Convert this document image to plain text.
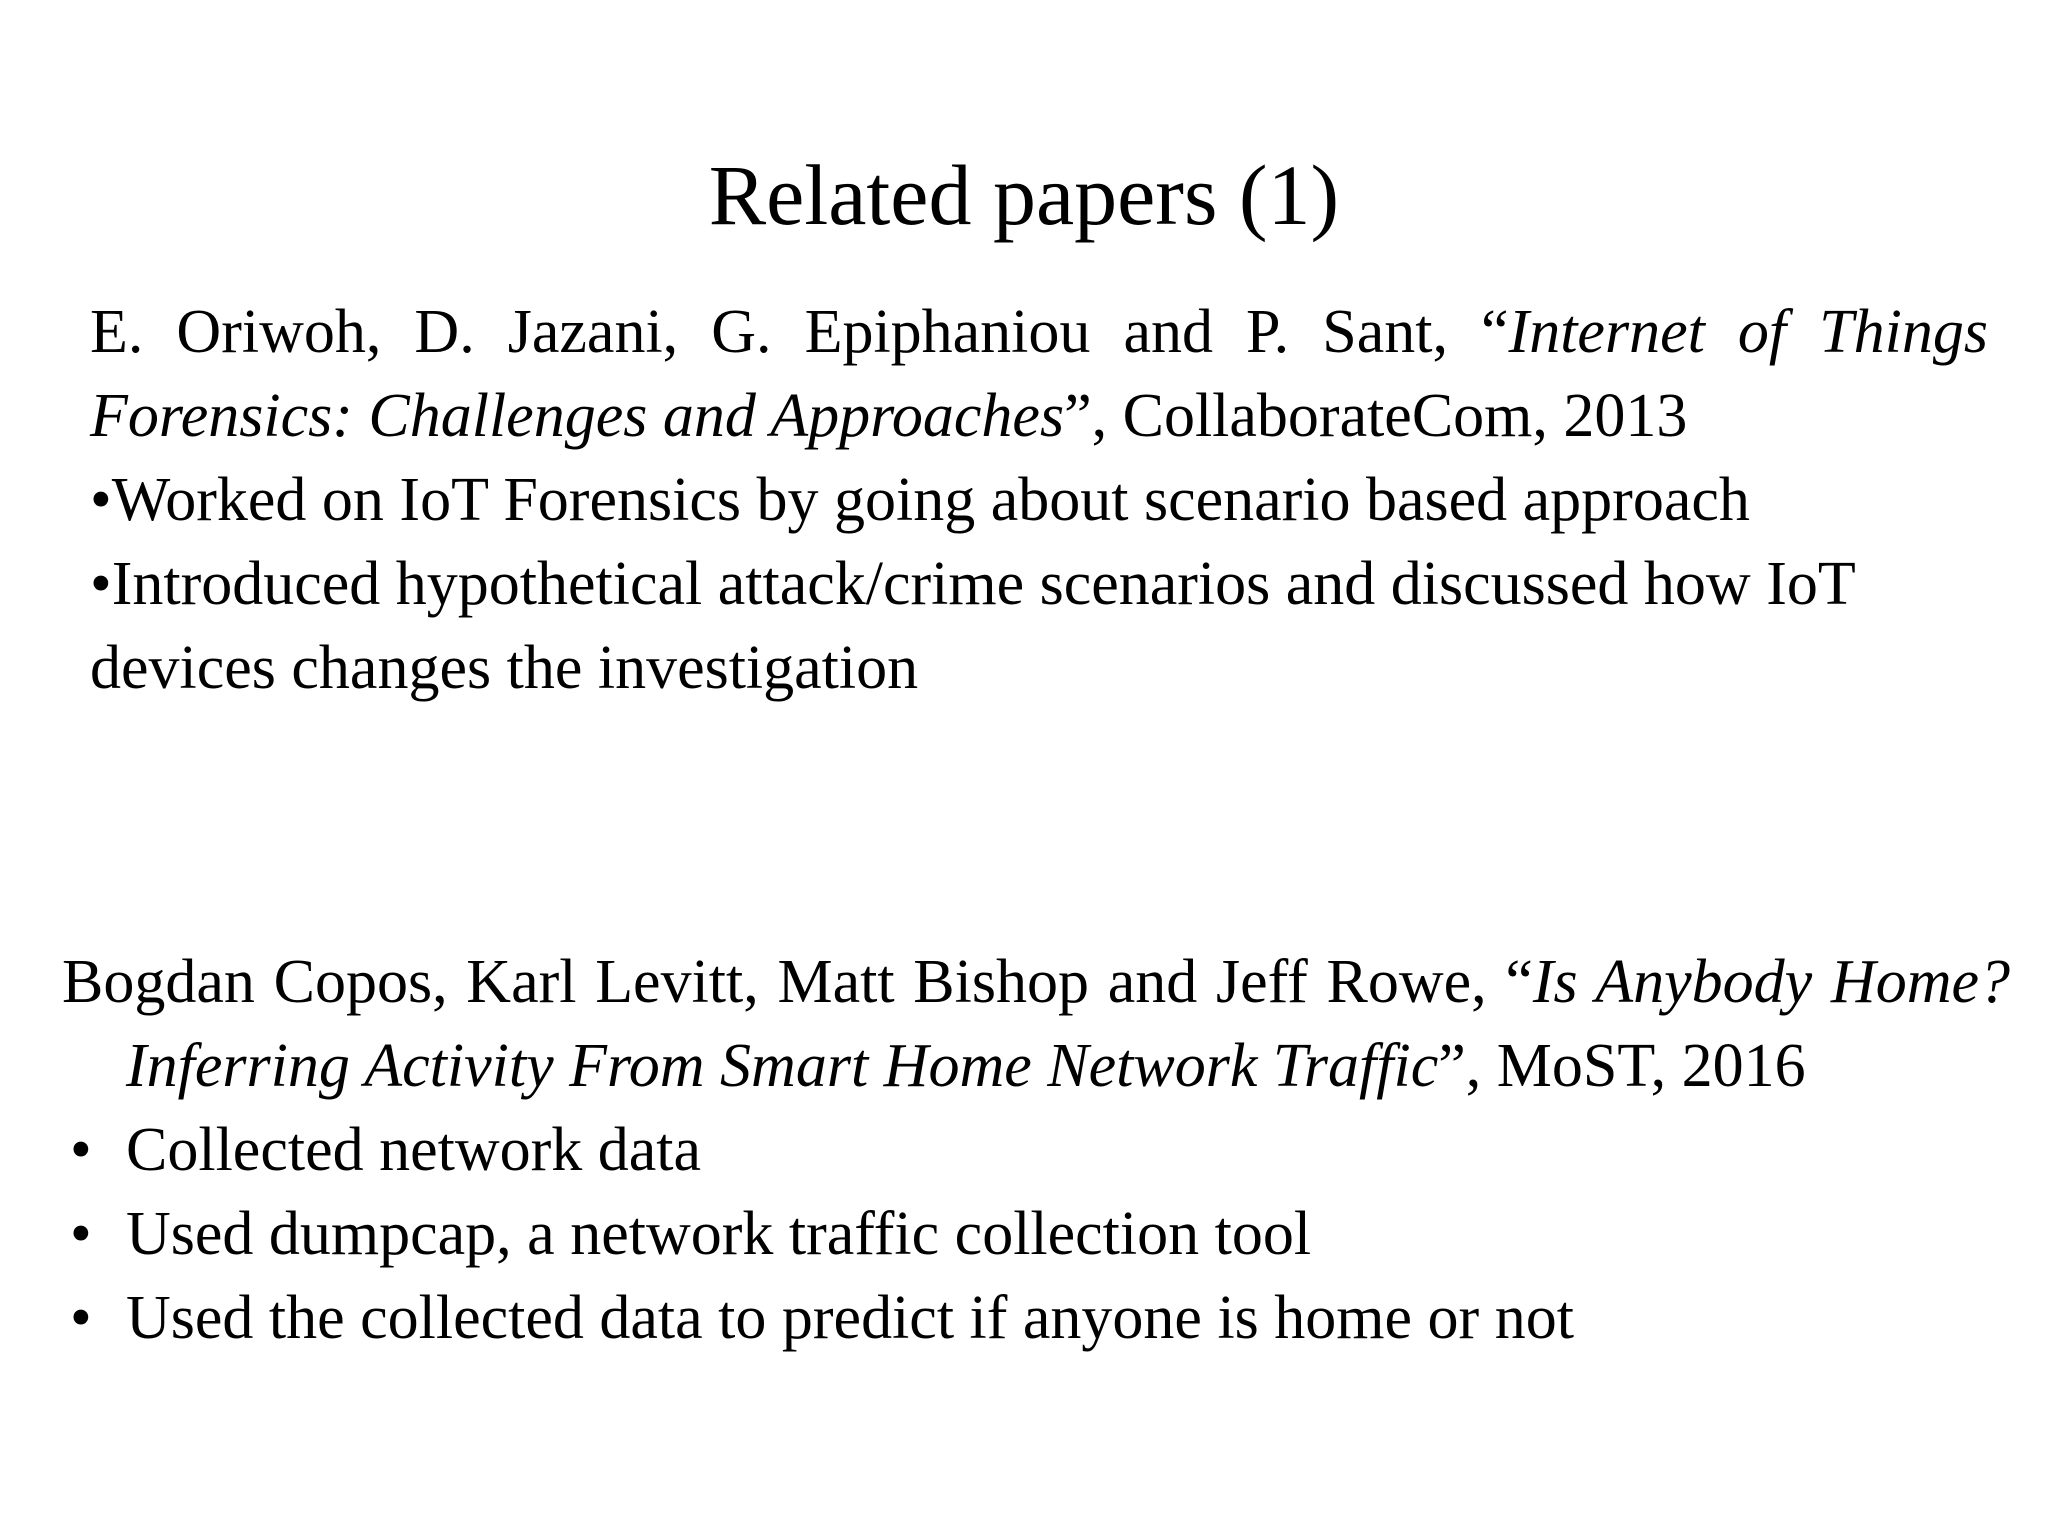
Related papers (1)
E. Oriwoh, D. Jazani, G. Epiphaniou and P. Sant, “Internet of Things Forensics: Challenges and Approaches”, CollaborateCom, 2013
•Worked on IoT Forensics by going about scenario based approach
•Introduced hypothetical attack/crime scenarios and discussed how IoT devices changes the investigation
Bogdan Copos, Karl Levitt, Matt Bishop and Jeff Rowe, “Is Anybody Home? Inferring Activity From Smart Home Network Traffic”, MoST, 2016
• Collected network data
• Used dumpcap, a network traffic collection tool
• Used the collected data to predict if anyone is home or not
